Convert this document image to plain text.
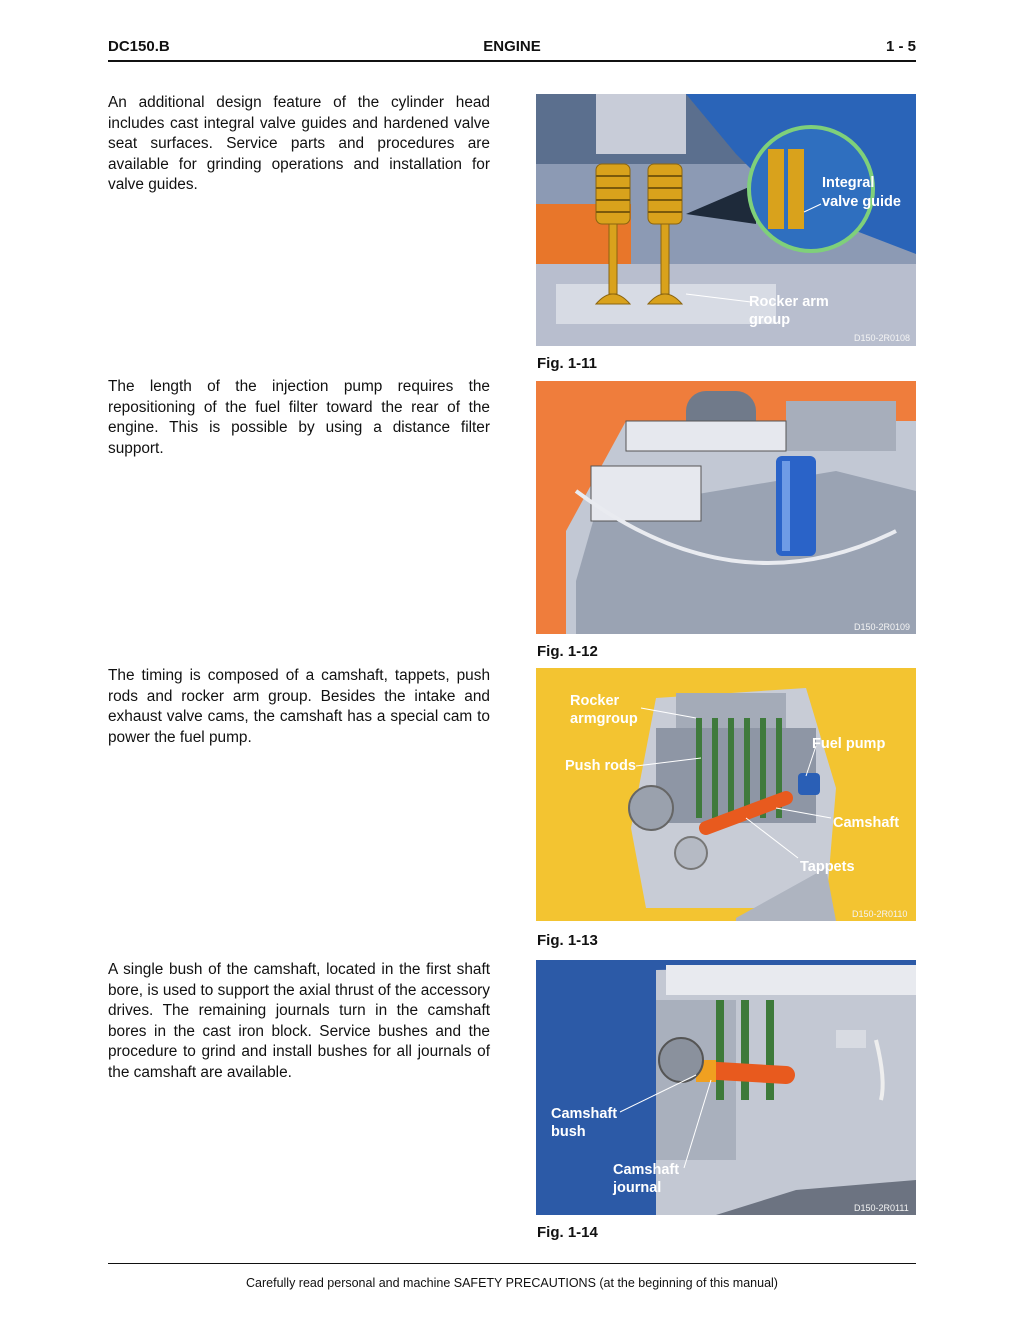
DC150.B	ENGINE	1 - 5

An additional design feature of the cylinder head includes cast integral valve guides and hardened valve seat surfaces. Service parts and procedures are available for grinding operations and installation for valve guides.

The length of the injection pump requires the repositioning of the fuel filter toward the rear of the engine. This is possible by using a distance filter support.

The timing is composed of a camshaft, tappets, push rods and rocker arm group. Besides the intake and exhaust valve cams, the camshaft has a special cam to power the fuel pump.

A single bush of the camshaft, located in the first shaft bore, is used to support the axial thrust of the accessory drives. The remaining journals turn in the camshaft bores in the cast iron block. Service bushes and the procedure to grind and install bushes for all journals of the camshaft are available.

Integral
valve guide
Rocker arm
group
D150-2R0108
Fig. 1-11
D150-2R0109
Fig. 1-12
Rocker
armgroup
Fuel pump
Push rods
Camshaft
Tappets
D150-2R0110
Fig. 1-13
Camshaft
bush
Camshaft
journal
D150-2R0111
Fig. 1-14
Carefully read personal and machine SAFETY PRECAUTIONS (at the beginning of this manual)
